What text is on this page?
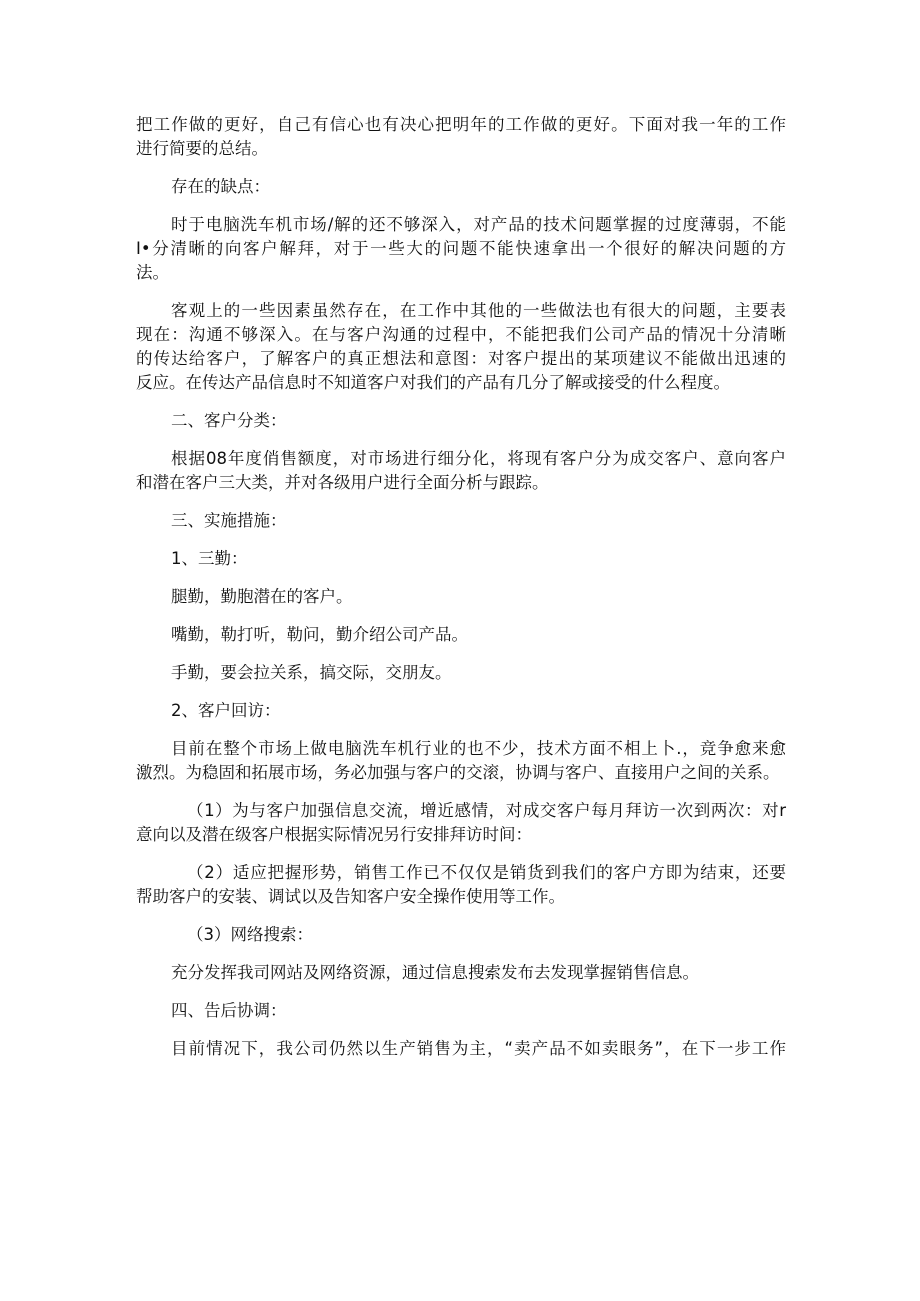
把工作做的更好，自己有信心也有决心把明年的工作做的更好。下面对我一年的工作

进行简要的总结。

存在的缺点：

时于电脑洗车机市场/解的还不够深入，对产品的技术问题掌握的过度薄弱，不能

I•分清晰的向客户解拜，对于一些大的问题不能快速拿出一个很好的解决问题的方

法。

客观上的一些因素虽然存在，在工作中其他的一些做法也有很大的问题，主要表

现在：沟通不够深入。在与客户沟通的过程中，不能把我们公司产品的情况十分清晰

的传达给客户，了解客户的真正想法和意图：对客户提出的某项建议不能做出迅速的

反应。在传达产品信息时不知道客户对我们的产品有几分了解或接受的什么程度。

二、客户分类：

根据08年度俏售额度，对市场进行细分化，将现有客户分为成交客户、意向客户

和潜在客户三大类，并对各级用户进行全面分析与跟踪。

三、实施措施：

1、三勤：

腿勤，勤胞潜在的客户。

嘴勤，勒打听，勒问，勤介绍公司产品。

手勤，要会拉关系，搞交际，交朋友。

2、客户回访：

目前在整个市场上做电脑洗车机行业的也不少，技术方面不相上卜.，竞争愈来愈

激烈。为稳固和拓展市场，务必加强与客户的交滚，协调与客户、直接用户之间的关系。

（1）为与客户加强信息交流，增近感情，对成交客户每月拜访一次到两次：对r

意向以及潜在级客户根据实际情况另行安排拜访时间：

（2）适应把握形势，销售工作已不仅仅是销货到我们的客户方即为结束，还要

帮助客户的安装、调试以及告知客户安全操作使用等工作。

（3）网络搜索：

充分发挥我司网站及网络资源，通过信息搜索发布去发现掌握销售信息。

四、告后协调：

目前情况下，我公司仍然以生产销售为主，“卖产品不如卖眼务”，在下一步工作
